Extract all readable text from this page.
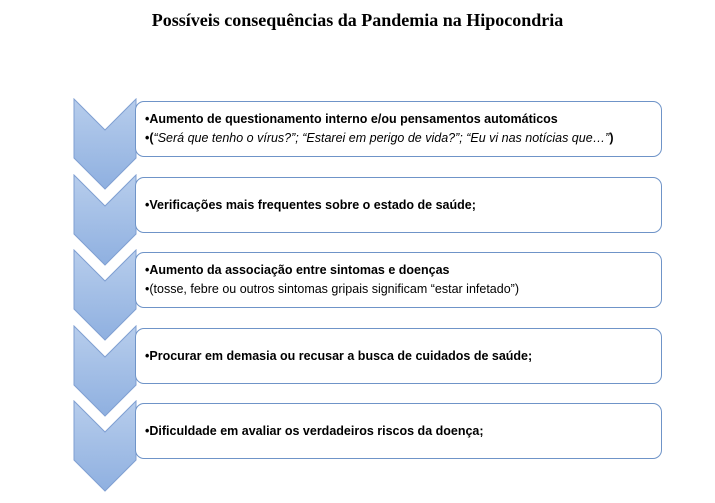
Possíveis consequências da Pandemia na Hipocondria
•Aumento de questionamento interno e/ou pensamentos automáticos
•(“Será que tenho o vírus?”; “Estarei em perigo de vida?”; “Eu vi nas notícias que…”)
•Verificações mais frequentes sobre o estado de saúde;
•Aumento da associação entre sintomas e doenças
•(tosse, febre ou outros sintomas gripais significam “estar infetado”)
•Procurar em demasia ou recusar a busca de cuidados de saúde;
•Dificuldade em avaliar os verdadeiros riscos da doença;
